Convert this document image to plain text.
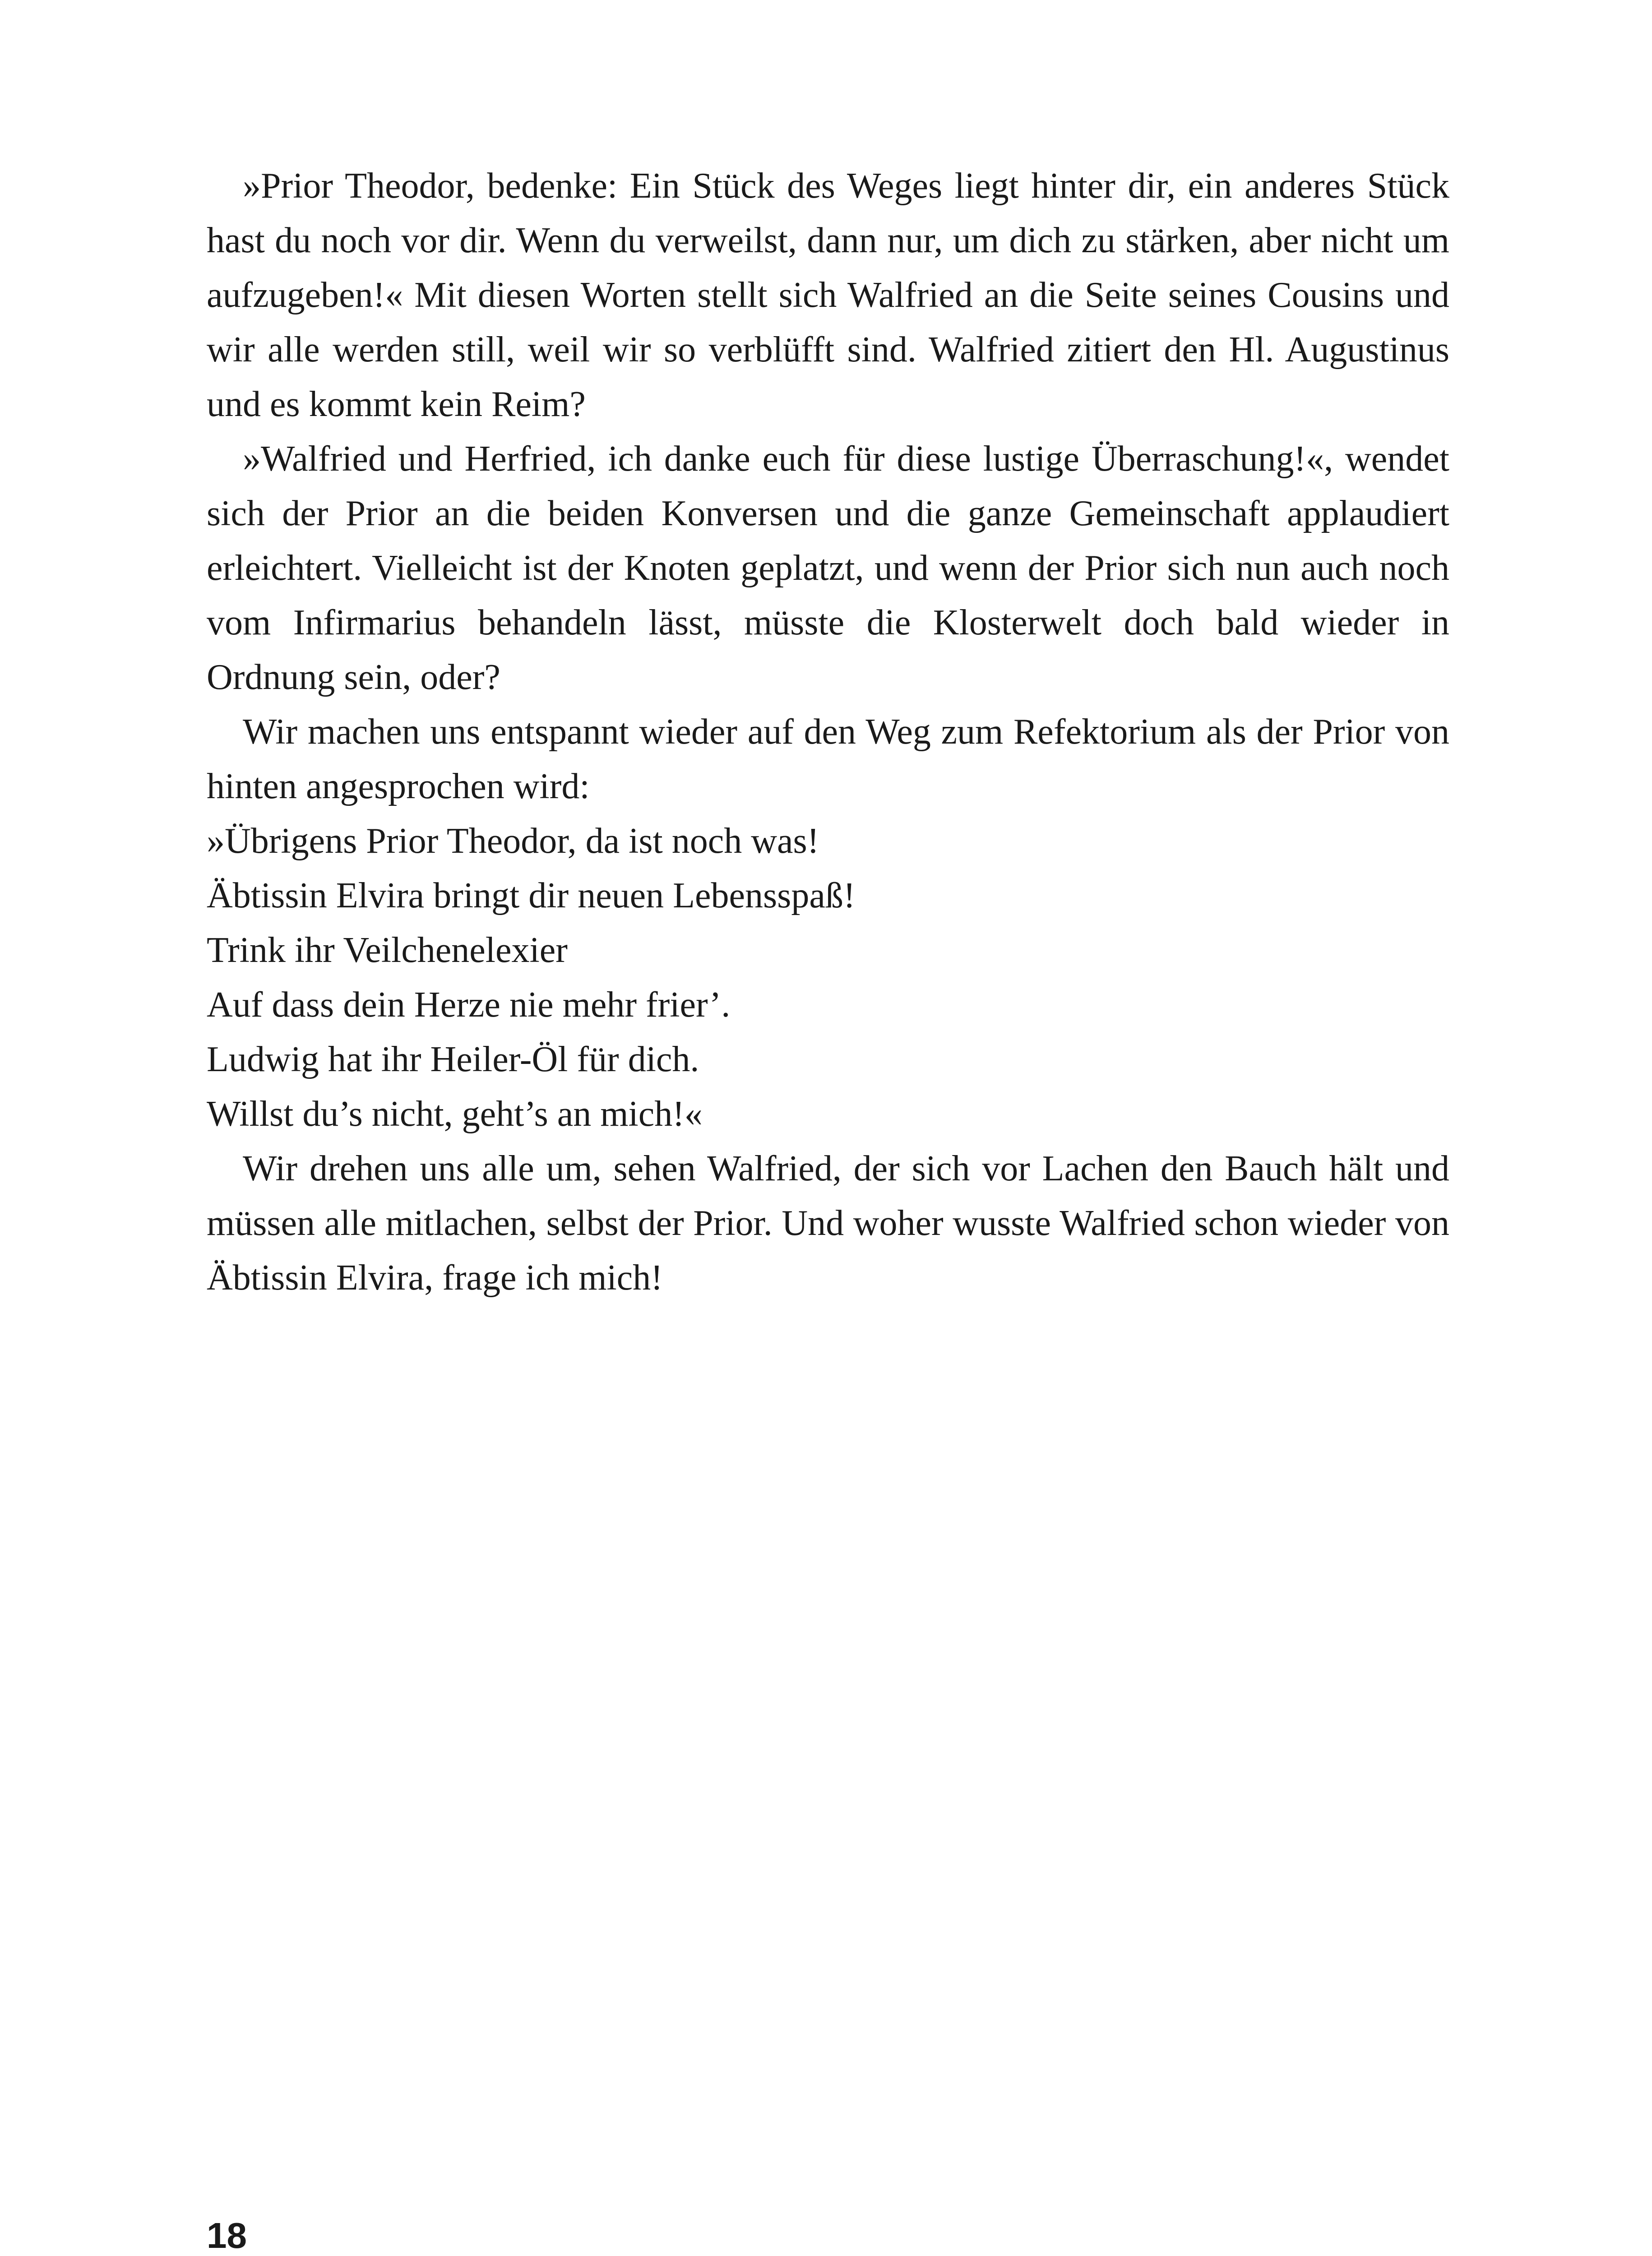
»Prior Theodor, bedenke: Ein Stück des Weges liegt hinter dir, ein anderes Stück hast du noch vor dir. Wenn du verweilst, dann nur, um dich zu stärken, aber nicht um aufzugeben!« Mit diesen Worten stellt sich Walfried an die Seite seines Cousins und wir alle werden still, weil wir so verblüfft sind. Walfried zitiert den Hl. Augustinus und es kommt kein Reim?

»Walfried und Herfried, ich danke euch für diese lustige Überraschung!«, wendet sich der Prior an die beiden Konversen und die ganze Gemeinschaft applaudiert erleichtert. Vielleicht ist der Knoten geplatzt, und wenn der Prior sich nun auch noch vom Infirmarius behandeln lässt, müsste die Klosterwelt doch bald wieder in Ordnung sein, oder?

Wir machen uns entspannt wieder auf den Weg zum Refektorium als der Prior von hinten angesprochen wird:

»Übrigens Prior Theodor, da ist noch was!

Äbtissin Elvira bringt dir neuen Lebensspaß!

Trink ihr Veilchenelexier

Auf dass dein Herze nie mehr frier’.

Ludwig hat ihr Heiler-Öl für dich.

Willst du’s nicht, geht’s an mich!«

Wir drehen uns alle um, sehen Walfried, der sich vor Lachen den Bauch hält und müssen alle mitlachen, selbst der Prior. Und woher wusste Walfried schon wieder von Äbtissin Elvira, frage ich mich!

18
